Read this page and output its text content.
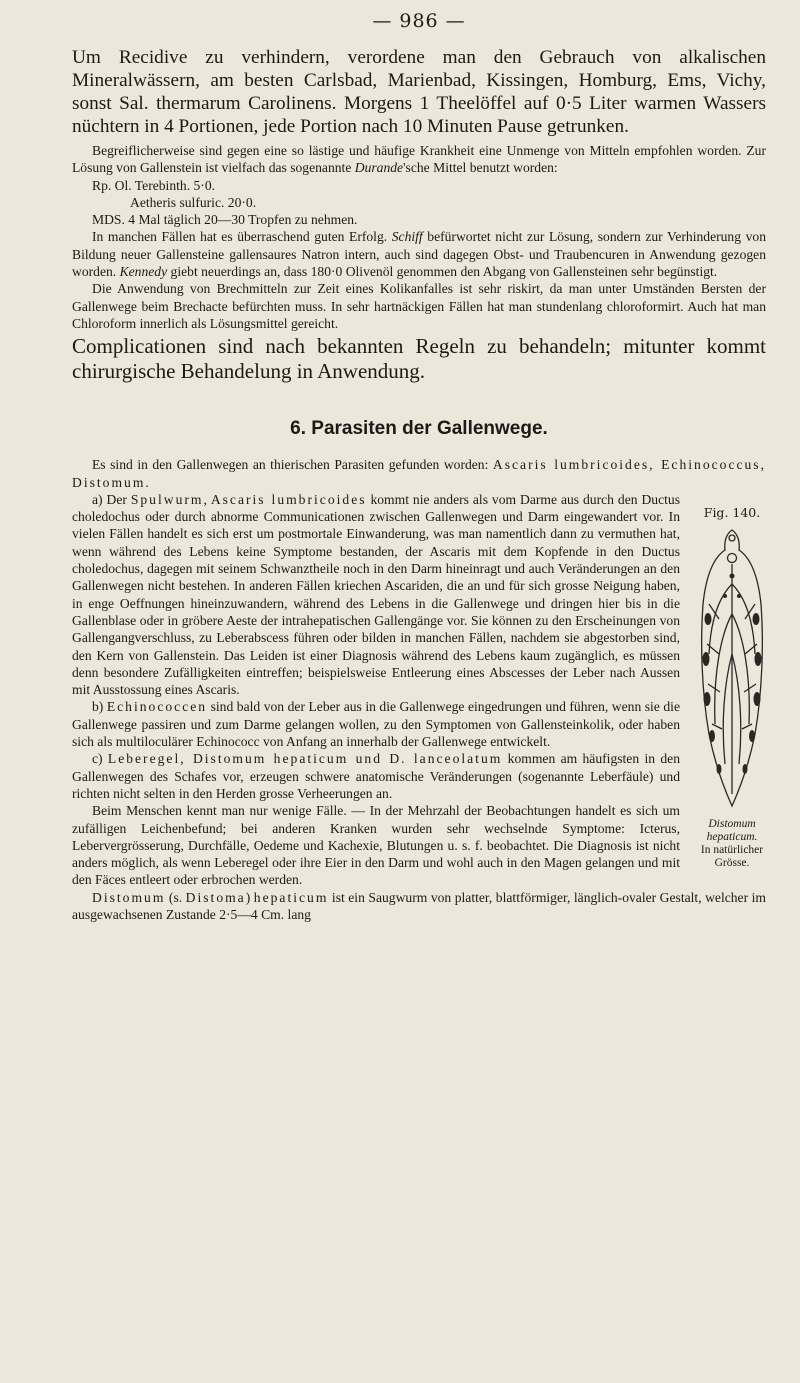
— 986 —

Um Recidive zu verhindern, verordene man den Gebrauch von alkalischen Mineralwässern, am besten Carlsbad, Marienbad, Kissingen, Homburg, Ems, Vichy, sonst Sal. thermarum Carolinens. Morgens 1 Theelöffel auf 0·5 Liter warmen Wassers nüchtern in 4 Portionen, jede Portion nach 10 Minuten Pause getrunken.

Begreiflicherweise sind gegen eine so lästige und häufige Krankheit eine Unmenge von Mitteln empfohlen worden. Zur Lösung von Gallenstein ist vielfach das sogenannte Durande'sche Mittel benutzt worden:

Rp. Ol. Terebinth. 5·0.
Aetheris sulfuric. 20·0.
MDS. 4 Mal täglich 20—30 Tropfen zu nehmen.

In manchen Fällen hat es überraschend guten Erfolg. Schiff befürwortet nicht zur Lösung, sondern zur Verhinderung von Bildung neuer Gallensteine gallensaures Natron intern, auch sind dagegen Obst- und Traubencuren in Anwendung gezogen worden. Kennedy giebt neuerdings an, dass 180·0 Olivenöl genommen den Abgang von Gallensteinen sehr begünstigt.

Die Anwendung von Brechmitteln zur Zeit eines Kolikanfalles ist sehr riskirt, da man unter Umständen Bersten der Gallenwege beim Brechacte befürchten muss. In sehr hartnäckigen Fällen hat man stundenlang chloroformirt. Auch hat man Chloroform innerlich als Lösungsmittel gereicht.

Complicationen sind nach bekannten Regeln zu behandeln; mitunter kommt chirurgische Behandelung in Anwendung.

6. Parasiten der Gallenwege.

Es sind in den Gallenwegen an thierischen Parasiten gefunden worden: Ascaris lumbricoides, Echinococcus, Distomum.

Fig. 140.
Distomum hepaticum.
In natürlicher Grösse.

a) Der Spulwurm, Ascaris lumbricoides kommt nie anders als vom Darme aus durch den Ductus choledochus oder durch abnorme Communicationen zwischen Gallenwegen und Darm eingewandert vor. In vielen Fällen handelt es sich erst um postmortale Einwanderung, was man namentlich dann zu vermuthen hat, wenn während des Lebens keine Symptome bestanden, der Ascaris mit dem Kopfende in den Ductus choledochus, dagegen mit seinem Schwanztheile noch in den Darm hineinragt und auch Veränderungen an den Gallenwegen nicht bestehen. In anderen Fällen kriechen Ascariden, die an und für sich grosse Neigung haben, in enge Oeffnungen hineinzuwandern, während des Lebens in die Gallenwege und dringen hier bis in die Gallenblase oder in gröbere Aeste der intrahepatischen Gallengänge vor. Sie können zu den Erscheinungen von Gallengangverschluss, zu Leberabscess führen oder bilden in manchen Fällen, nachdem sie abgestorben sind, den Kern von Gallenstein. Das Leiden ist einer Diagnosis während des Lebens kaum zugänglich, es müssen denn besondere Zufälligkeiten eintreffen; beispielsweise Entleerung eines Abscesses der Leber nach Aussen mit Ausstossung eines Ascaris.

b) Echinococcen sind bald von der Leber aus in die Gallenwege eingedrungen und führen, wenn sie die Gallenwege passiren und zum Darme gelangen wollen, zu den Symptomen von Gallensteinkolik, oder haben sich als multiloculärer Echinococc von Anfang an innerhalb der Gallenwege entwickelt.

c) Leberegel, Distomum hepaticum und D. lanceolatum kommen am häufigsten in den Gallenwegen des Schafes vor, erzeugen schwere anatomische Veränderungen (sogenannte Leberfäule) und richten nicht selten in den Herden grosse Verheerungen an.

Beim Menschen kennt man nur wenige Fälle. — In der Mehrzahl der Beobachtungen handelt es sich um zufälligen Leichenbefund; bei anderen Kranken wurden sehr wechselnde Symptome: Icterus, Lebervergrösserung, Durchfälle, Oedeme und Kachexie, Blutungen u. s. f. beobachtet. Die Diagnosis ist nicht anders möglich, als wenn Leberegel oder ihre Eier in den Darm und wohl auch in den Magen gelangen und mit den Fäces entleert oder erbrochen werden.

Distomum (s. Distoma) hepaticum ist ein Saugwurm von platter, blattförmiger, länglich-ovaler Gestalt, welcher im ausgewachsenen Zustande 2·5—4 Cm. lang
